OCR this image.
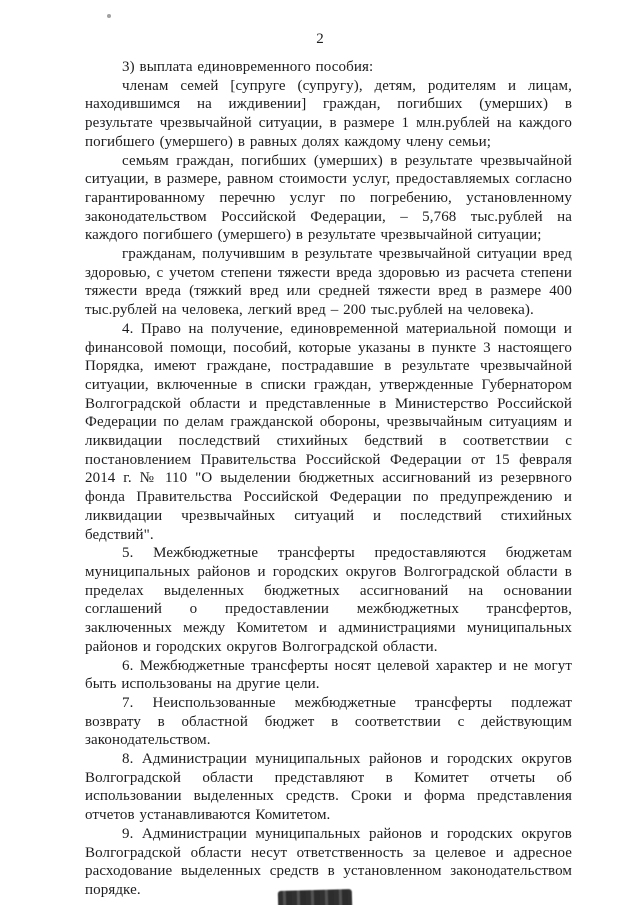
2

3) выплата единовременного пособия:

членам семей [супруге (супругу), детям, родителям и лицам, находившимся на иждивении] граждан, погибших (умерших) в результате чрезвычайной ситуации, в размере 1 млн.рублей на каждого погибшего (умершего) в равных долях каждому члену семьи;

семьям граждан, погибших (умерших) в результате чрезвычайной ситуации, в размере, равном стоимости услуг, предоставляемых согласно гарантированному перечню услуг по погребению, установленному законодательством Российской Федерации, – 5,768 тыс.рублей на каждого погибшего (умершего) в результате чрезвычайной ситуации;

гражданам, получившим в результате чрезвычайной ситуации вред здоровью, с учетом степени тяжести вреда здоровью из расчета степени тяжести вреда (тяжкий вред или средней тяжести вред в размере 400 тыс.рублей на человека, легкий вред – 200 тыс.рублей на человека).

4. Право на получение, единовременной материальной помощи и финансовой помощи, пособий, которые указаны в пункте 3 настоящего Порядка, имеют граждане, пострадавшие в результате чрезвычайной ситуации, включенные в списки граждан, утвержденные Губернатором Волгоградской области и представленные в Министерство Российской Федерации по делам гражданской обороны, чрезвычайным ситуациям и ликвидации последствий стихийных бедствий в соответствии с постановлением Правительства Российской Федерации от 15 февраля 2014 г. № 110 "О выделении бюджетных ассигнований из резервного фонда Правительства Российской Федерации по предупреждению и ликвидации чрезвычайных ситуаций и последствий стихийных бедствий".

5. Межбюджетные трансферты предоставляются бюджетам муниципальных районов и городских округов Волгоградской области в пределах выделенных бюджетных ассигнований на основании соглашений о предоставлении межбюджетных трансфертов, заключенных между Комитетом и администрациями муниципальных районов и городских округов Волгоградской области.

6. Межбюджетные трансферты носят целевой характер и не могут быть использованы на другие цели.

7. Неиспользованные межбюджетные трансферты подлежат возврату в областной бюджет в соответствии с действующим законодательством.

8. Администрации муниципальных районов и городских округов Волгоградской области представляют в Комитет отчеты об использовании выделенных средств. Сроки и форма представления отчетов устанавливаются Комитетом.

9. Администрации муниципальных районов и городских округов Волгоградской области несут ответственность за целевое и адресное расходование выделенных средств в установленном законодательством порядке.
